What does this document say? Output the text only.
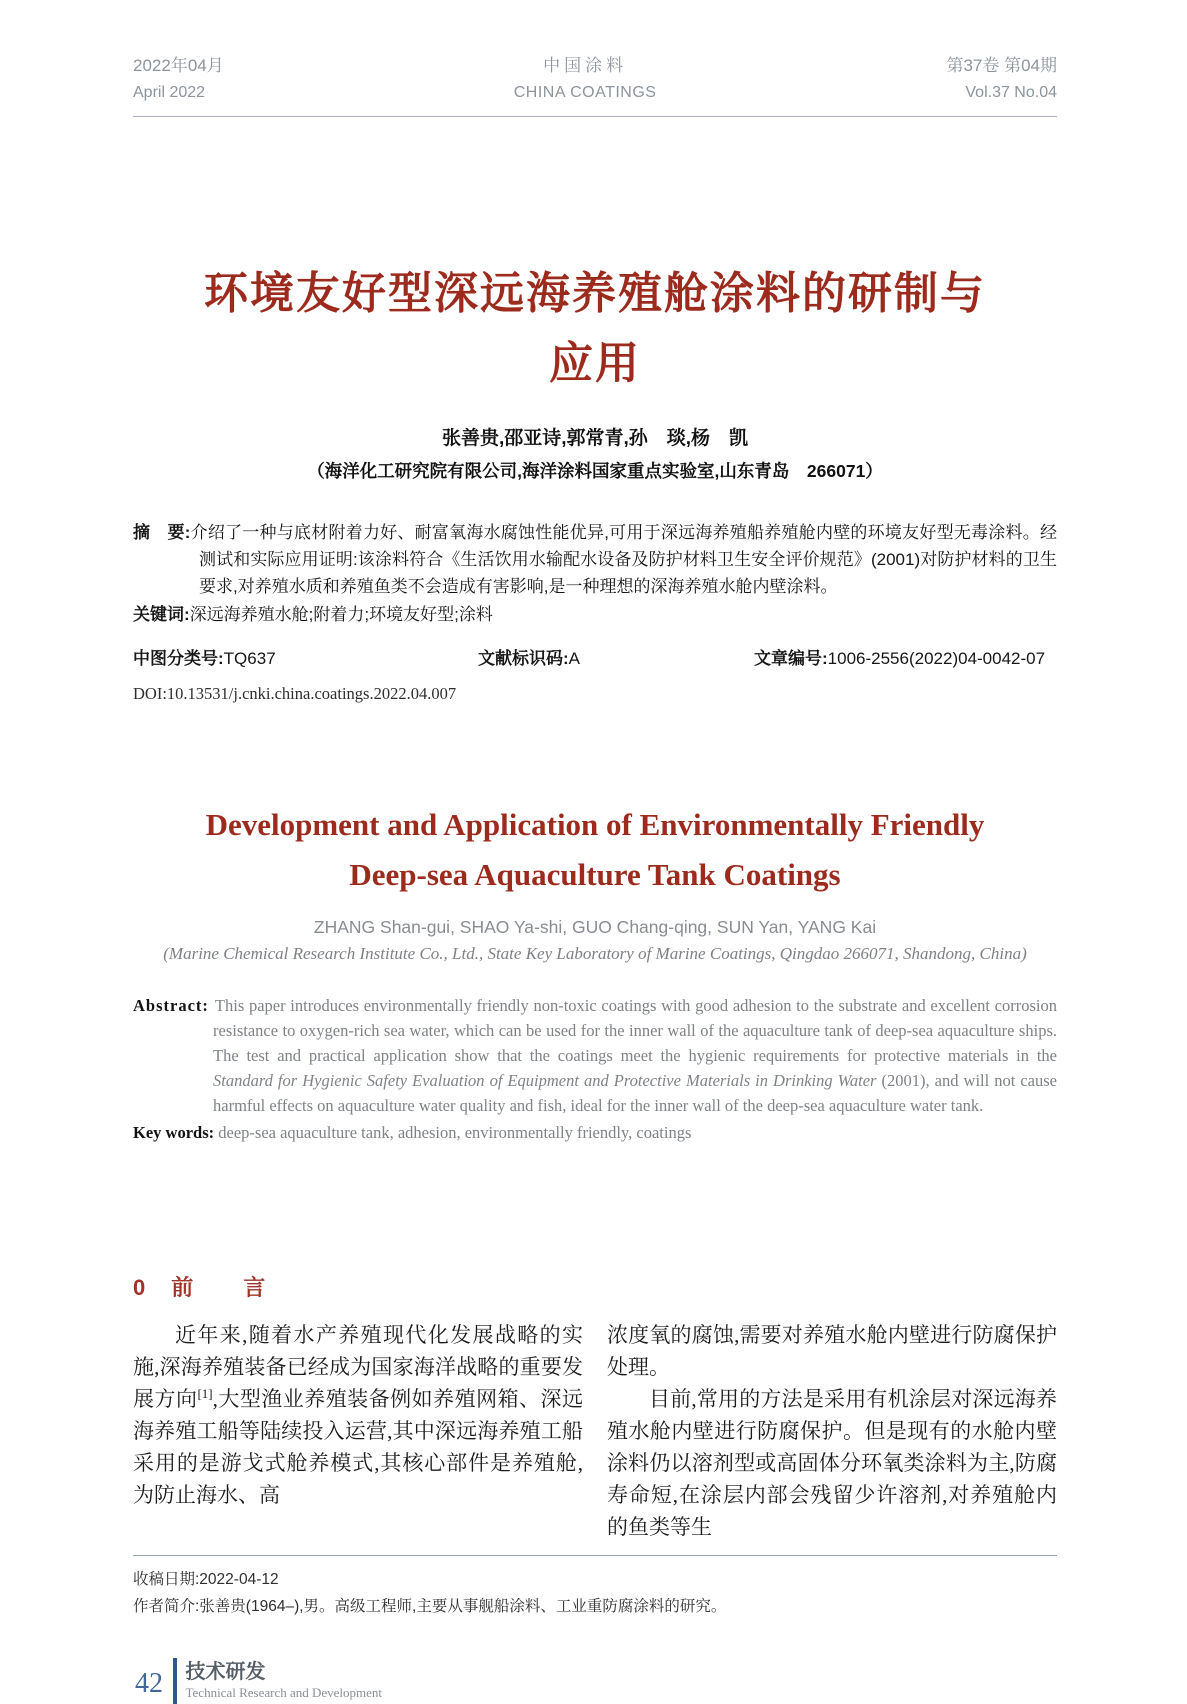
2022年04月
April 2022
中国涂料
CHINA COATINGS
第37卷 第04期
Vol.37 No.04
环境友好型深远海养殖舱涂料的研制与
应用
张善贵,邵亚诗,郭常青,孙　琰,杨　凯
（海洋化工研究院有限公司,海洋涂料国家重点实验室,山东青岛　266071）

摘　要:介绍了一种与底材附着力好、耐富氧海水腐蚀性能优异,可用于深远海养殖船养殖舱内壁的环境友好型无毒涂料。经测试和实际应用证明:该涂料符合《生活饮用水输配水设备及防护材料卫生安全评价规范》(2001)对防护材料的卫生要求,对养殖水质和养殖鱼类不会造成有害影响,是一种理想的深海养殖水舱内壁涂料。

关键词:深远海养殖水舱;附着力;环境友好型;涂料

中图分类号:TQ637	文献标识码:A	文章编号:1006-2556(2022)04-0042-07
DOI:10.13531/j.cnki.china.coatings.2022.04.007
Development and Application of Environmentally Friendly
Deep-sea Aquaculture Tank Coatings
ZHANG Shan-gui, SHAO Ya-shi, GUO Chang-qing, SUN Yan, YANG Kai
(Marine Chemical Research Institute Co., Ltd., State Key Laboratory of Marine Coatings, Qingdao 266071, Shandong, China)

Abstract: This paper introduces environmentally friendly non-toxic coatings with good adhesion to the substrate and excellent corrosion resistance to oxygen-rich sea water, which can be used for the inner wall of the aquaculture tank of deep-sea aquaculture ships. The test and practical application show that the coatings meet the hygienic requirements for protective materials in the Standard for Hygienic Safety Evaluation of Equipment and Protective Materials in Drinking Water (2001), and will not cause harmful effects on aquaculture water quality and fish, ideal for the inner wall of the deep-sea aquaculture water tank.

Key words: deep-sea aquaculture tank, adhesion, environmentally friendly, coatings

0 前　言

近年来,随着水产养殖现代化发展战略的实施,深海养殖装备已经成为国家海洋战略的重要发展方向[1],大型渔业养殖装备例如养殖网箱、深远海养殖工船等陆续投入运营,其中深远海养殖工船采用的是游戈式舱养模式,其核心部件是养殖舱,为防止海水、高

浓度氧的腐蚀,需要对养殖水舱内壁进行防腐保护处理。

目前,常用的方法是采用有机涂层对深远海养殖水舱内壁进行防腐保护。但是现有的水舱内壁涂料仍以溶剂型或高固体分环氧类涂料为主,防腐寿命短,在涂层内部会残留少许溶剂,对养殖舱内的鱼类等生

收稿日期:2022-04-12
作者简介:张善贵(1964–),男。高级工程师,主要从事舰船涂料、工业重防腐涂料的研究。
42	技术研发
Technical Research and Development
